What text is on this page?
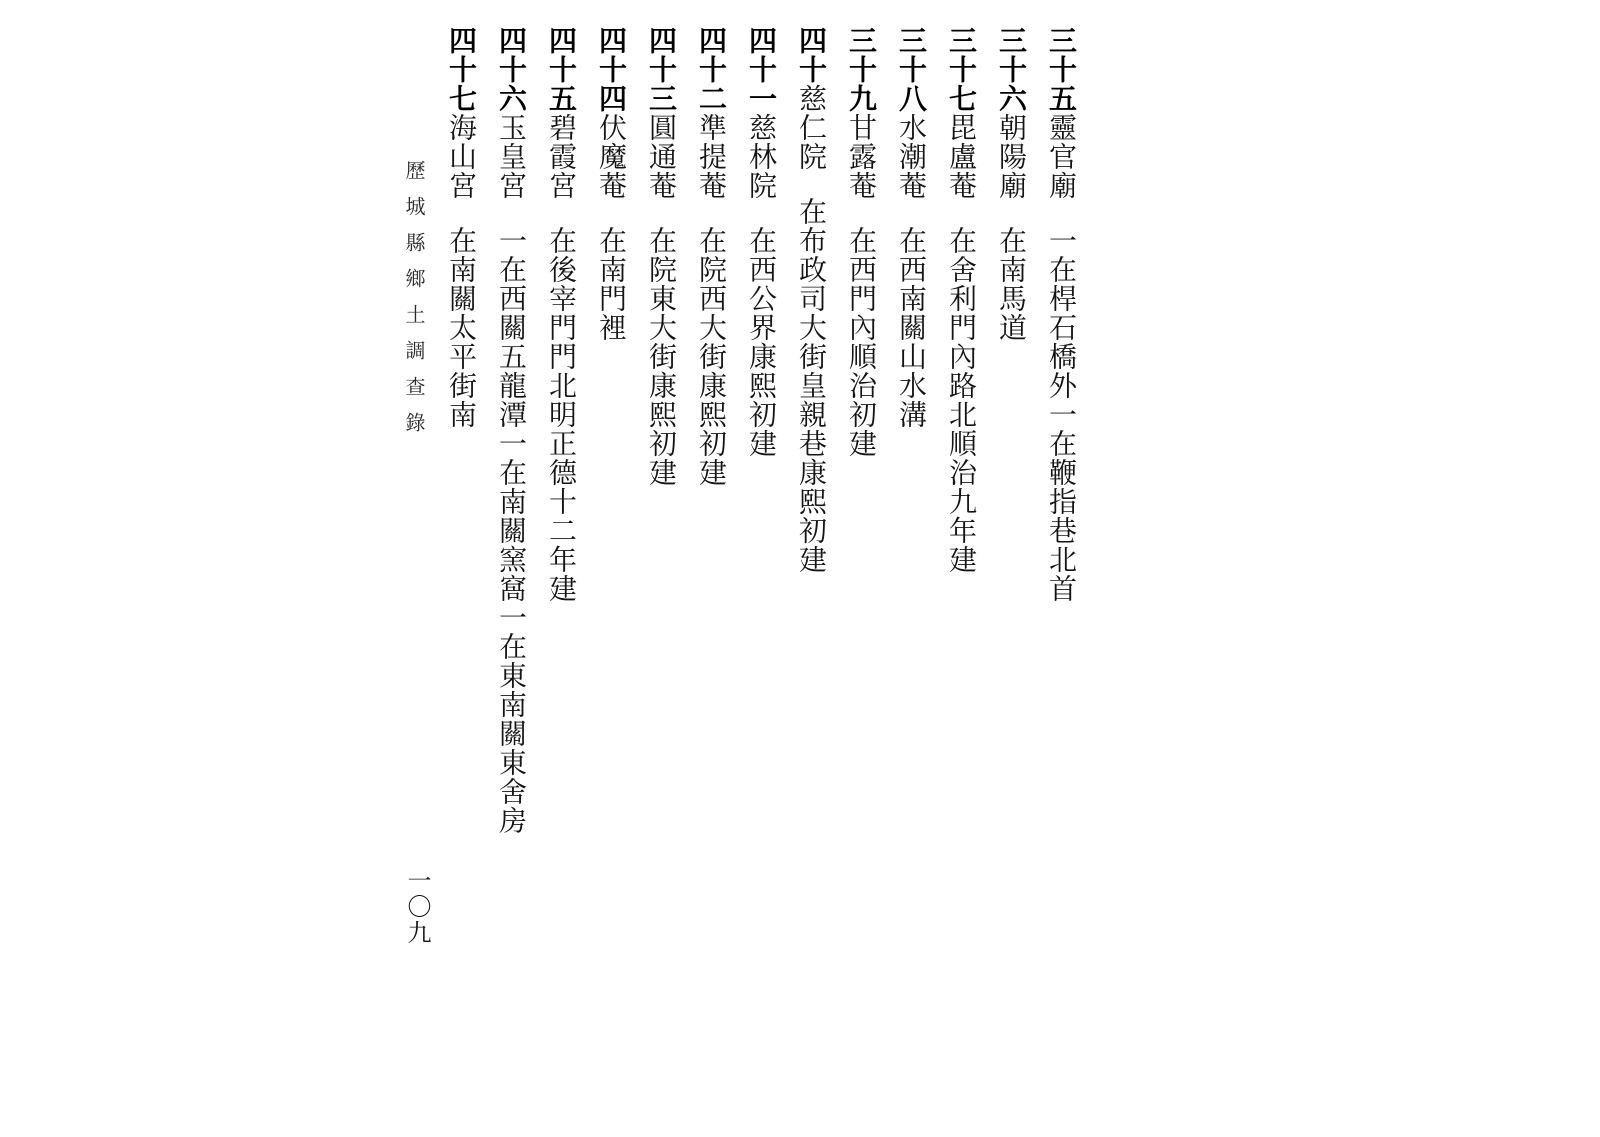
三十五靈官廟一在桿石橋外一在鞭指巷北首
三十六朝陽廟在南馬道
三十七毘盧菴在舍利門內路北順治九年建
三十八水潮菴在西南關山水溝
三十九甘露菴在西門內順治初建
四十慈仁院在布政司大街皇親巷康熙初建
四十一慈林院在西公界康熙初建
四十二準提菴在院西大街康熙初建
四十三圓通菴在院東大街康熙初建
四十四伏魔菴在南門裡
四十五碧霞宮在後宰門門北明正德十二年建
四十六玉皇宮一在西關五龍潭一在南關窯窩一在東南關東舍房
四十七海山宮在南關太平街南
歷城縣鄉土調查錄
一〇九
